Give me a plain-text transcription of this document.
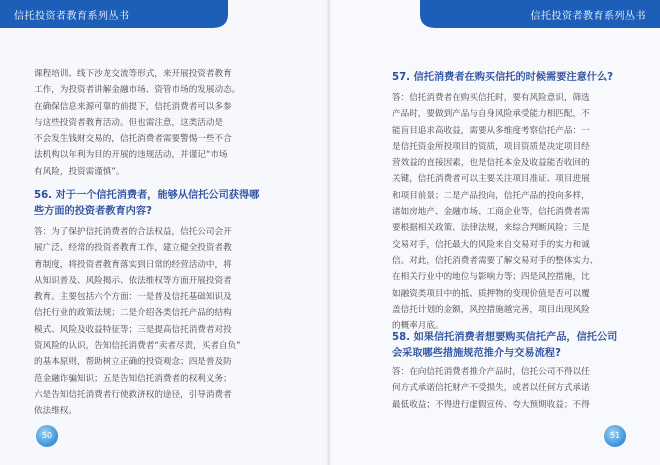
信托投资者教育系列丛书
课程培训、线下沙龙交流等形式，来开展投资者教育
工作，为投资者讲解金融市场、资管市场的发展动态。
在确保信息来源可靠的前提下，信托消费者可以多参
与这些投资者教育活动。但也需注意，这类活动是
不会发生钱财交易的，信托消费者需要警惕一些不合
法机构以年利为目的开展的违规活动，并谨记“市场
有风险，投资需谨慎”。
56. 对于一个信托消费者，能够从信托公司获得哪
些方面的投资者教育内容?
答：为了保护信托消费者的合法权益，信托公司会开
展广泛、经常的投资者教育工作，建立健全投资者教
育制度，将投资者教育落实到日常的经营活动中，将
从知识普及、风险揭示、依法维权等方面开展投资者
教育。主要包括六个方面：一是普及信托基础知识及
信托行业的政策法规；二是介绍各类信托产品的结构
模式、风险及收益特征等；三是提高信托消费者对投
资风险的认识，告知信托消费者“卖者尽责，买者自负”
的基本原则，帮助树立正确的投资观念；四是普及防
范金融诈骗知识；五是告知信托消费者的权利义务；
六是告知信托消费者行使救济权的途径，引导消费者
依法维权。
50
信托投资者教育系列丛书
57. 信托消费者在购买信托的时候需要注意什么?
答：信托消费者在购买信托时，要有风险意识，筛选
产品时，要做到产品与自身风险承受能力相匹配，不
能盲目追求高收益，需要从多维度考察信托产品：一
是信托资金所投项目的资质，项目资质是决定项目经
营效益的直接因素，也是信托本金及收益能否收回的
关键，信托消费者可以主要关注项目准证、项目进展
和项目前景；二是产品投向，信托产品的投向多样，
诸如房地产、金融市场、工商企业等，信托消费者需
要根据相关政策、法律法规，来综合判断风险；三是
交易对手，信托最大的风险来自交易对手的实力和诚
信。对此，信托消费者需要了解交易对手的整体实力、
在相关行业中的地位与影响力等；四是风控措施，比
如融资类项目中的抵、质押物的变现价值是否可以覆
盖信托计划的金额，风控措施越完善，项目出现风险
的概率月底。
58. 如果信托消费者想要购买信托产品，信托公司
会采取哪些措施规范推介与交易流程?
答：在向信托消费者推介产品时，信托公司不得以任
何方式承诺信托财产不受损失，或者以任何方式承诺
最低收益；不得进行虚假宣传、夸大预期收益；不得
51
